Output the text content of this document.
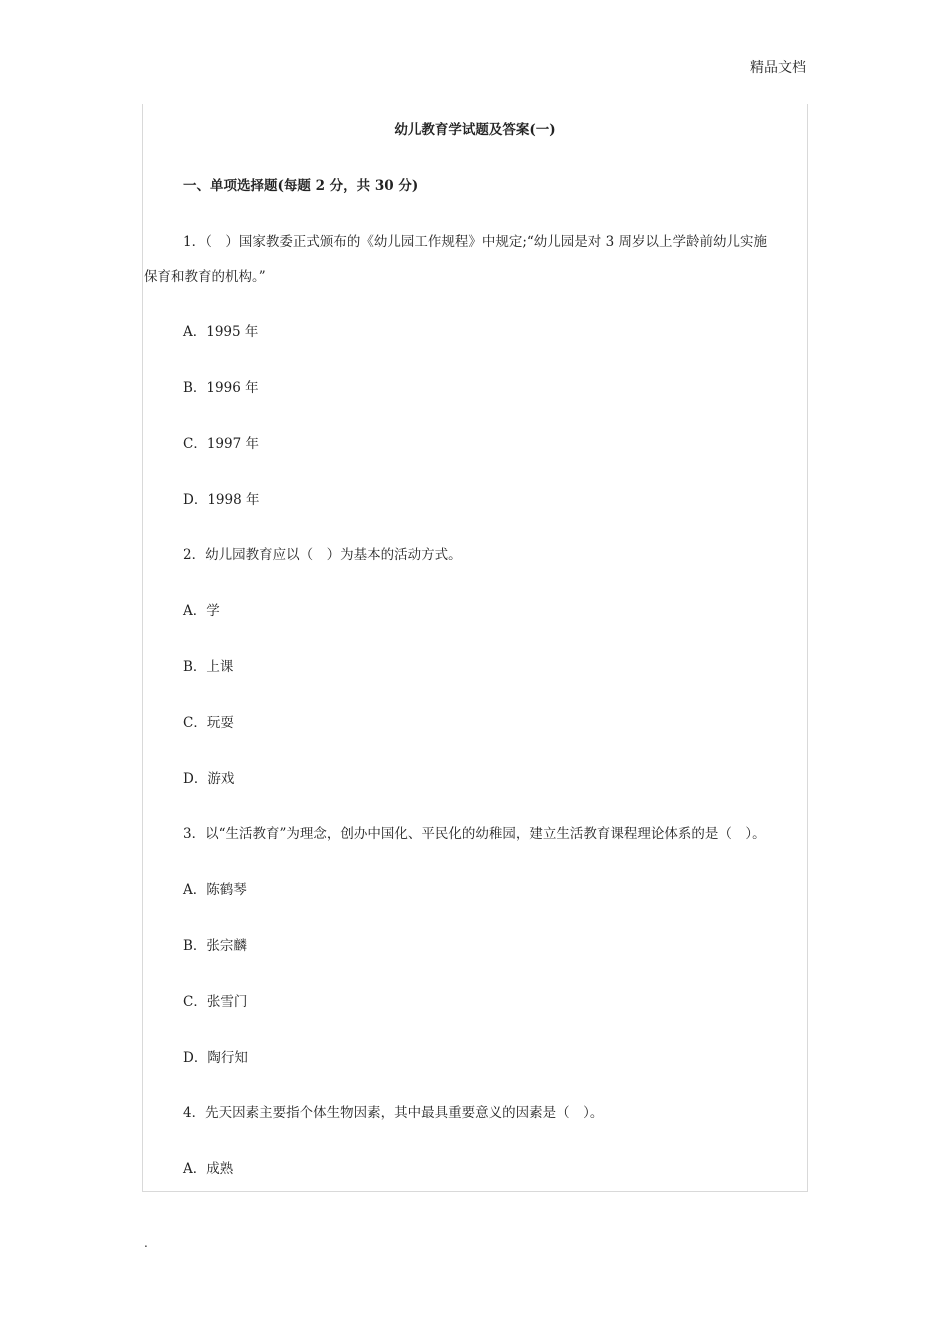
精品文档
幼儿教育学试题及答案(一)
一、单项选择题(每题 2 分，共 30 分)
1．（　）国家教委正式颁布的《幼儿园工作规程》中规定;“幼儿园是对 3 周岁以上学龄前幼儿实施
保育和教育的机构。”
A．1995 年
B．1996 年
C．1997 年
D．1998 年
2．幼儿园教育应以（　）为基本的活动方式。
A．学
B．上课
C．玩耍
D．游戏
3．以“生活教育”为理念，创办中国化、平民化的幼稚园，建立生活教育课程理论体系的是（　）。
A．陈鹤琴
B．张宗麟
C．张雪门
D．陶行知
4．先天因素主要指个体生物因素，其中最具重要意义的因素是（　）。
A．成熟
.
